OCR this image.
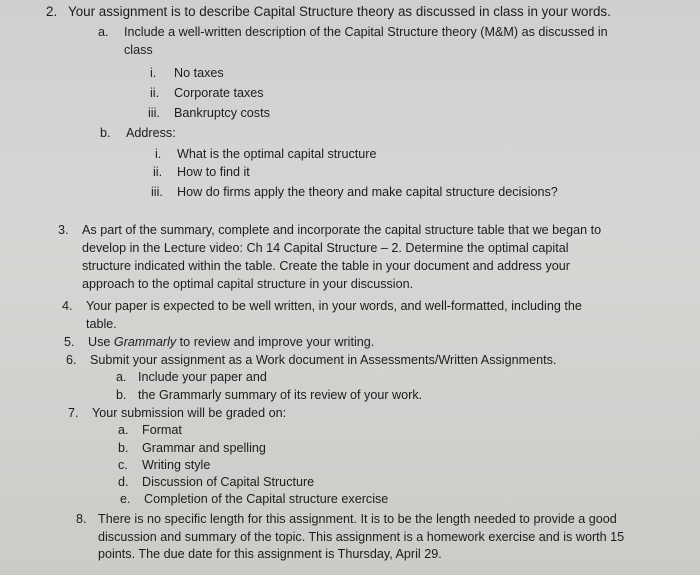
2. Your assignment is to describe Capital Structure theory as discussed in class in your words.
a. Include a well-written description of the Capital Structure theory (M&M) as discussed in
class
i. No taxes
ii. Corporate taxes
iii. Bankruptcy costs
b. Address:
i. What is the optimal capital structure
ii. How to find it
iii. How do firms apply the theory and make capital structure decisions?
3. As part of the summary, complete and incorporate the capital structure table that we began to
develop in the Lecture video: Ch 14 Capital Structure – 2. Determine the optimal capital
structure indicated within the table. Create the table in your document and address your
approach to the optimal capital structure in your discussion.
4. Your paper is expected to be well written, in your words, and well-formatted, including the
table.
5. Use Grammarly to review and improve your writing.
6. Submit your assignment as a Work document in Assessments/Written Assignments.
a. Include your paper and
b. the Grammarly summary of its review of your work.
7. Your submission will be graded on:
a. Format
b. Grammar and spelling
c. Writing style
d. Discussion of Capital Structure
e. Completion of the Capital structure exercise
8. There is no specific length for this assignment. It is to be the length needed to provide a good
discussion and summary of the topic. This assignment is a homework exercise and is worth 15
points. The due date for this assignment is Thursday, April 29.
